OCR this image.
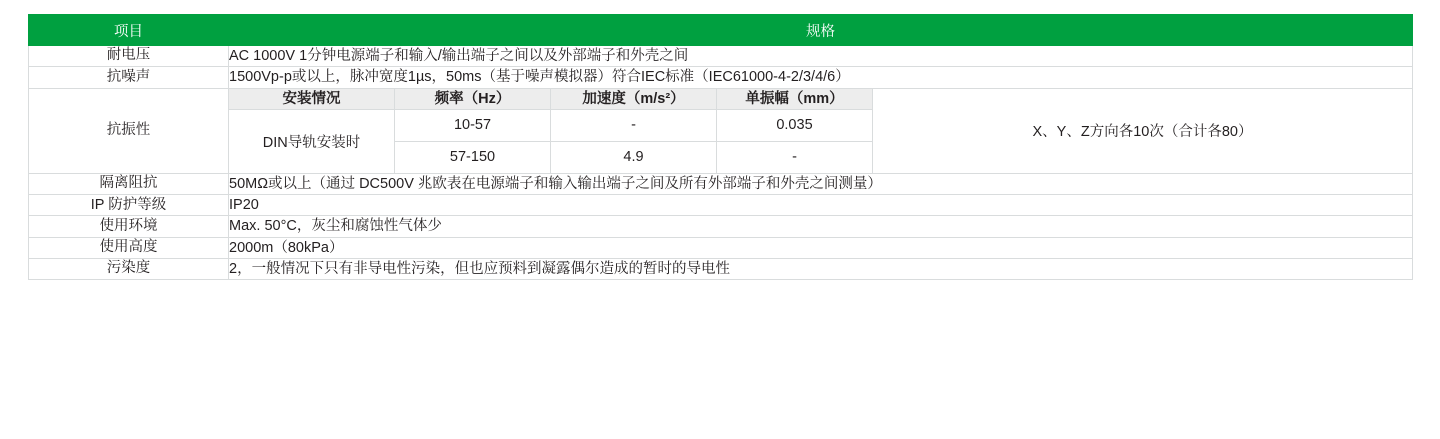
项目	规格				
耐电压	AC 1000V 1分钟电源端子和输入/输出端子之间以及外部端子和外壳之间				
抗噪声	1500Vp-p或以上，脉冲宽度1µs，50ms（基于噪声模拟器）符合IEC标准（IEC61000-4-2/3/4/6）				
抗振性	安装情况	频率（Hz）	加速度（m/s²）	单振幅（mm）	X、Y、Z方向各10次（合计各80）
	DIN导轨安装时	10-57	-	0.035	
		57-150	4.9	-	
隔离阻抗	50MΩ或以上（通过 DC500V 兆欧表在电源端子和输入输出端子之间及所有外部端子和外壳之间测量）				
IP 防护等级	IP20				
使用环境	Max. 50°C，灰尘和腐蚀性气体少				
使用高度	2000m（80kPa）				
污染度	2，一般情况下只有非导电性污染，但也应预料到凝露偶尔造成的暂时的导电性				
